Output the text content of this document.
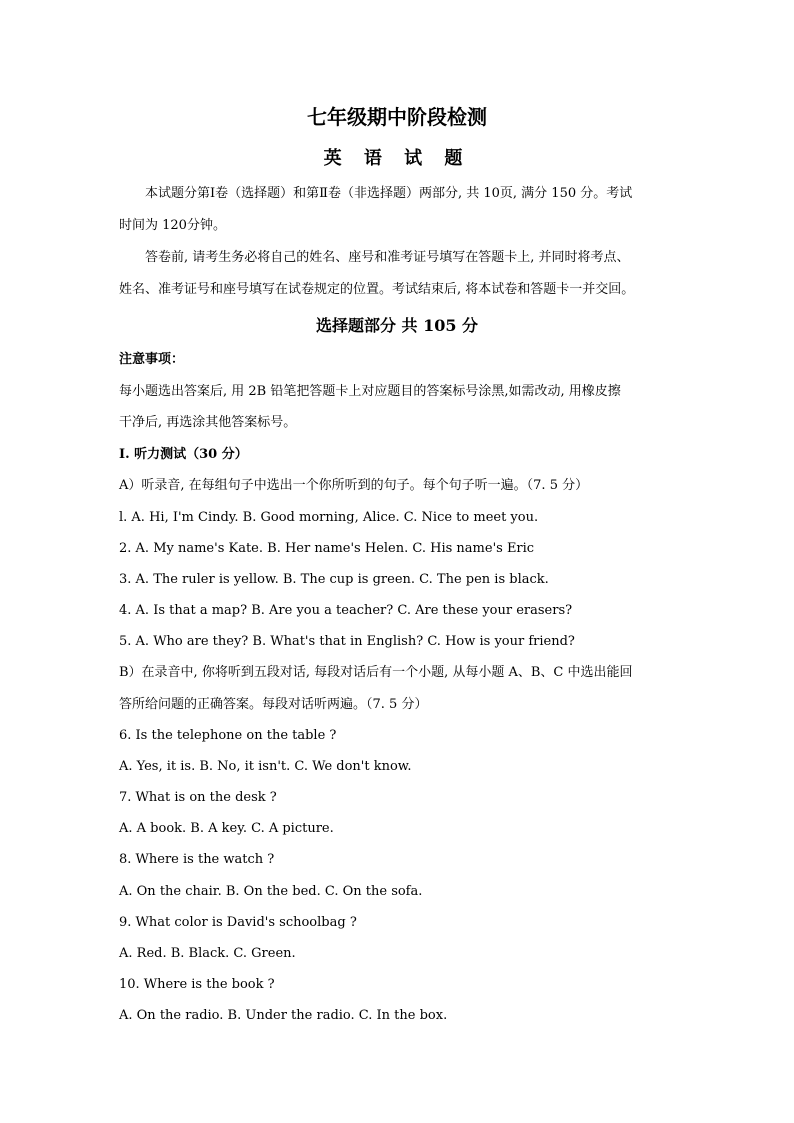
七年级期中阶段检测
英 语 试 题
本试题分第Ⅰ卷（选择题）和第Ⅱ卷（非选择题）两部分, 共 10页, 满分 150 分。考试
时间为 120分钟。
答卷前, 请考生务必将自己的姓名、座号和准考证号填写在答题卡上, 并同时将考点、
姓名、准考证号和座号填写在试卷规定的位置。考试结束后, 将本试卷和答题卡一并交回。
选择题部分 共 105 分
注意事项：
每小题选出答案后, 用 2B 铅笔把答题卡上对应题目的答案标号涂黑,如需改动, 用橡皮擦
干净后, 再选涂其他答案标号。
I. 听力测试（30 分）
A）听录音, 在每组句子中选出一个你所听到的句子。每个句子听一遍。（7. 5 分）
l. A. Hi, I'm Cindy. B. Good morning, Alice. C. Nice to meet you.
2. A. My name's Kate. B. Her name's Helen. C. His name's Eric
3. A. The ruler is yellow. B. The cup is green. C. The pen is black.
4. A. Is that a map? B. Are you a teacher? C. Are these your erasers?
5. A. Who are they? B. What's that in English? C. How is your friend?
B）在录音中, 你将听到五段对话, 每段对话后有一个小题, 从每小题 A、B、C 中选出能回
答所给问题的正确答案。每段对话听两遍。（7. 5 分）
6. Is the telephone on the table ?
A. Yes, it is. B. No, it isn't. C. We don't know.
7. What is on the desk ?
A. A book. B. A key. C. A picture.
8. Where is the watch ?
A. On the chair. B. On the bed. C. On the sofa.
9. What color is David's schoolbag ?
A. Red. B. Black. C. Green.
10. Where is the book ?
A. On the radio. B. Under the radio. C. In the box.
